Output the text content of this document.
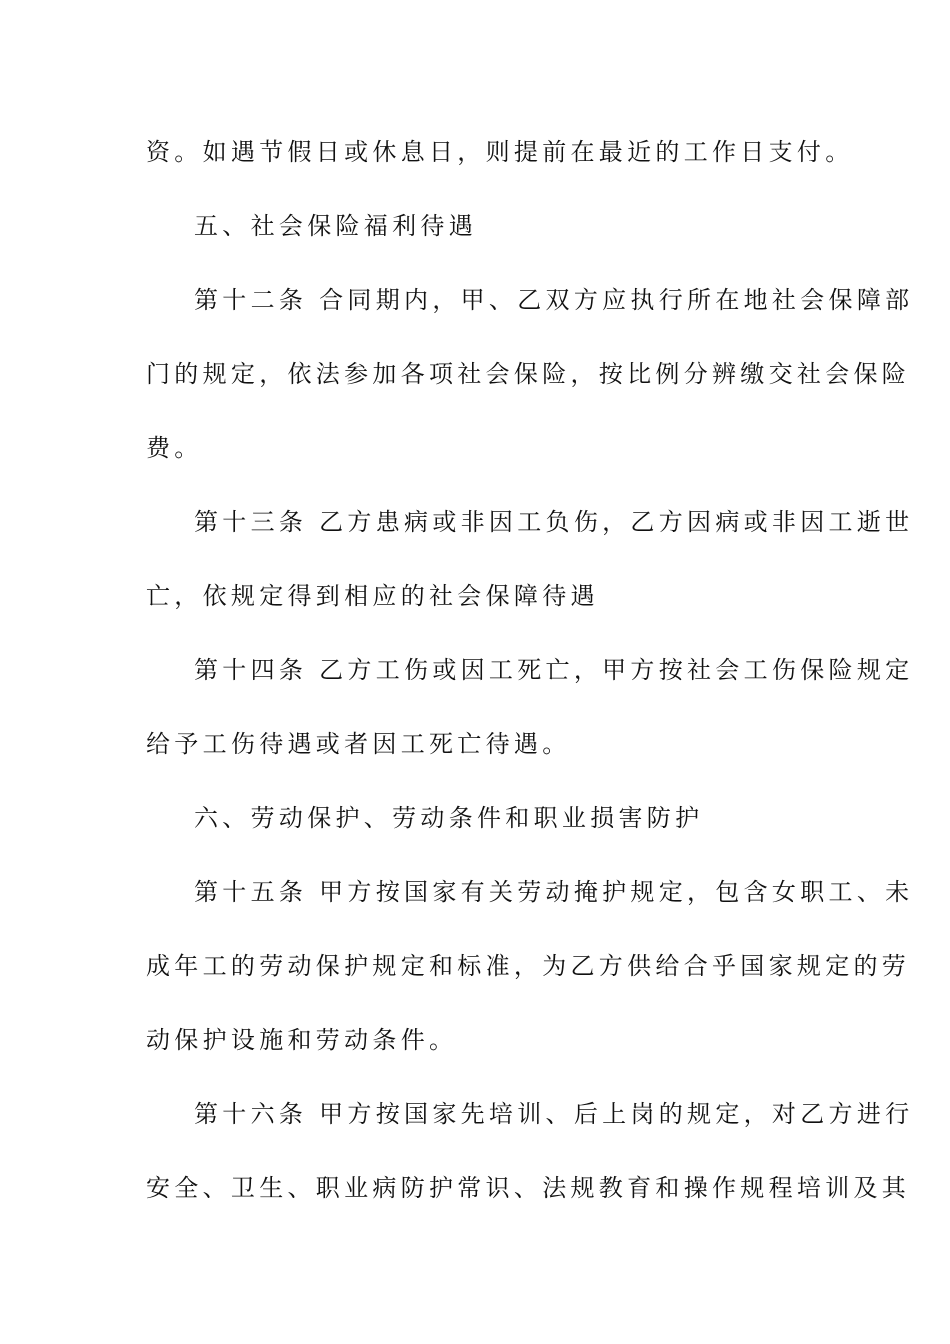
资。如遇节假日或休息日，则提前在最近的工作日支付。
五、社会保险福利待遇
第十二条 合同期内，甲、乙双方应执行所在地社会保障部
门的规定，依法参加各项社会保险，按比例分辨缴交社会保险
费。
第十三条 乙方患病或非因工负伤，乙方因病或非因工逝世
亡，依规定得到相应的社会保障待遇
第十四条 乙方工伤或因工死亡，甲方按社会工伤保险规定
给予工伤待遇或者因工死亡待遇。
六、劳动保护、劳动条件和职业损害防护
第十五条 甲方按国家有关劳动掩护规定，包含女职工、未
成年工的劳动保护规定和标准，为乙方供给合乎国家规定的劳
动保护设施和劳动条件。
第十六条 甲方按国家先培训、后上岗的规定，对乙方进行
安全、卫生、职业病防护常识、法规教育和操作规程培训及其
